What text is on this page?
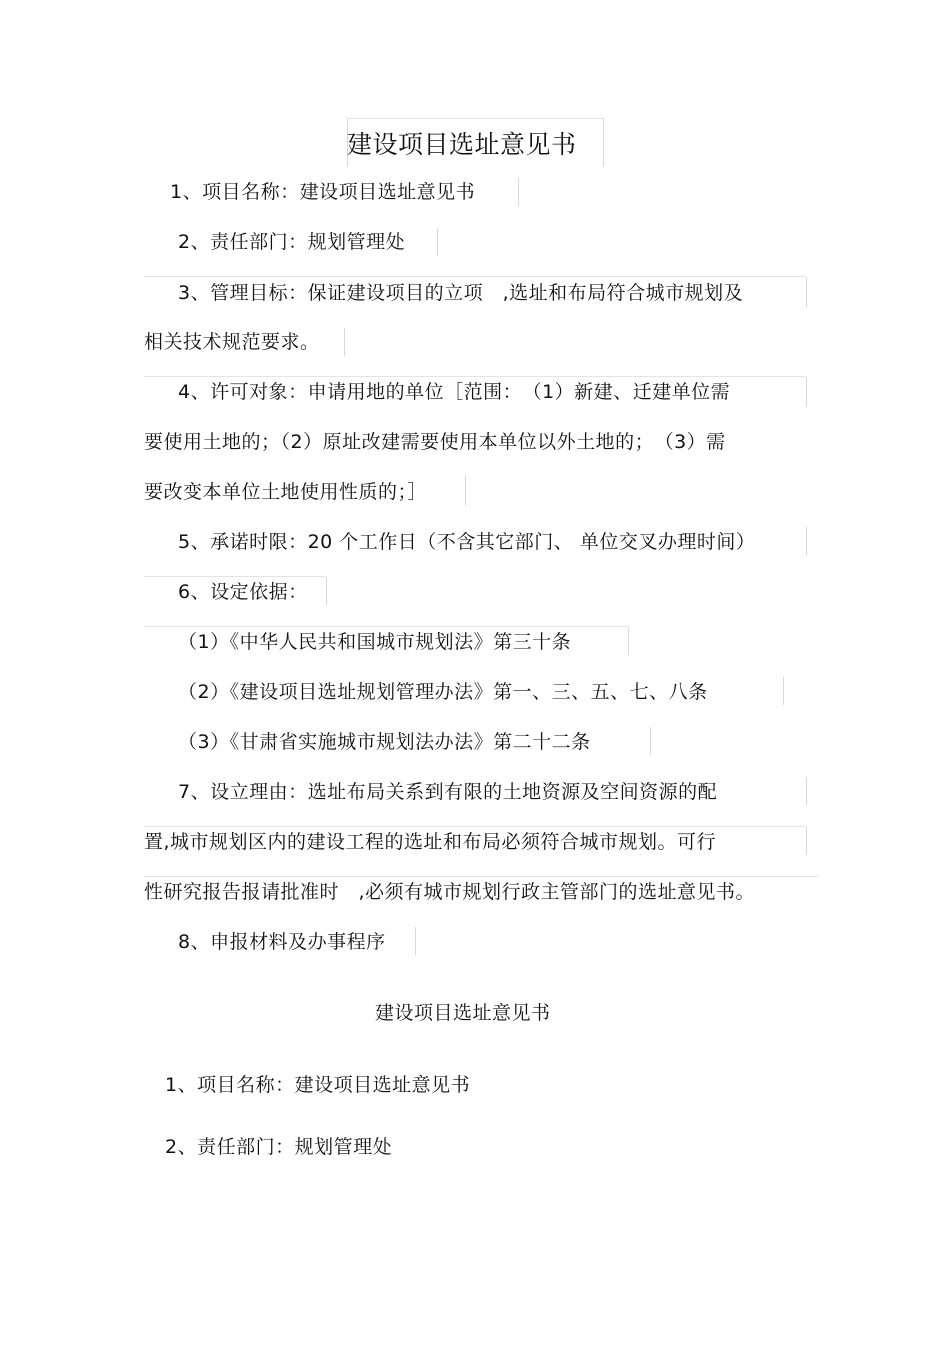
建设项目选址意见书
1、项目名称：建设项目选址意见书
2、责任部门：规划管理处
3、管理目标：保证建设项目的立项　,选址和布局符合城市规划及
相关技术规范要求。
4、许可对象：申请用地的单位［范围：　（1）新建、迁建单位需
要使用土地的；（2）原址改建需要使用本单位以外土地的；　（3）需
要改变本单位土地使用性质的；］
5、承诺时限：20 个工作日（不含其它部门、 单位交叉办理时间）
6、设定依据：
（1）《中华人民共和国城市规划法》第三十条
（2）《建设项目选址规划管理办法》第一、三、五、七、八条
（3）《甘肃省实施城市规划法办法》第二十二条
7、设立理由：选址布局关系到有限的土地资源及空间资源的配
置,城市规划区内的建设工程的选址和布局必须符合城市规划。可行
性研究报告报请批准时　,必须有城市规划行政主管部门的选址意见书。
8、申报材料及办事程序
建设项目选址意见书
1、项目名称：建设项目选址意见书
2、责任部门：规划管理处
